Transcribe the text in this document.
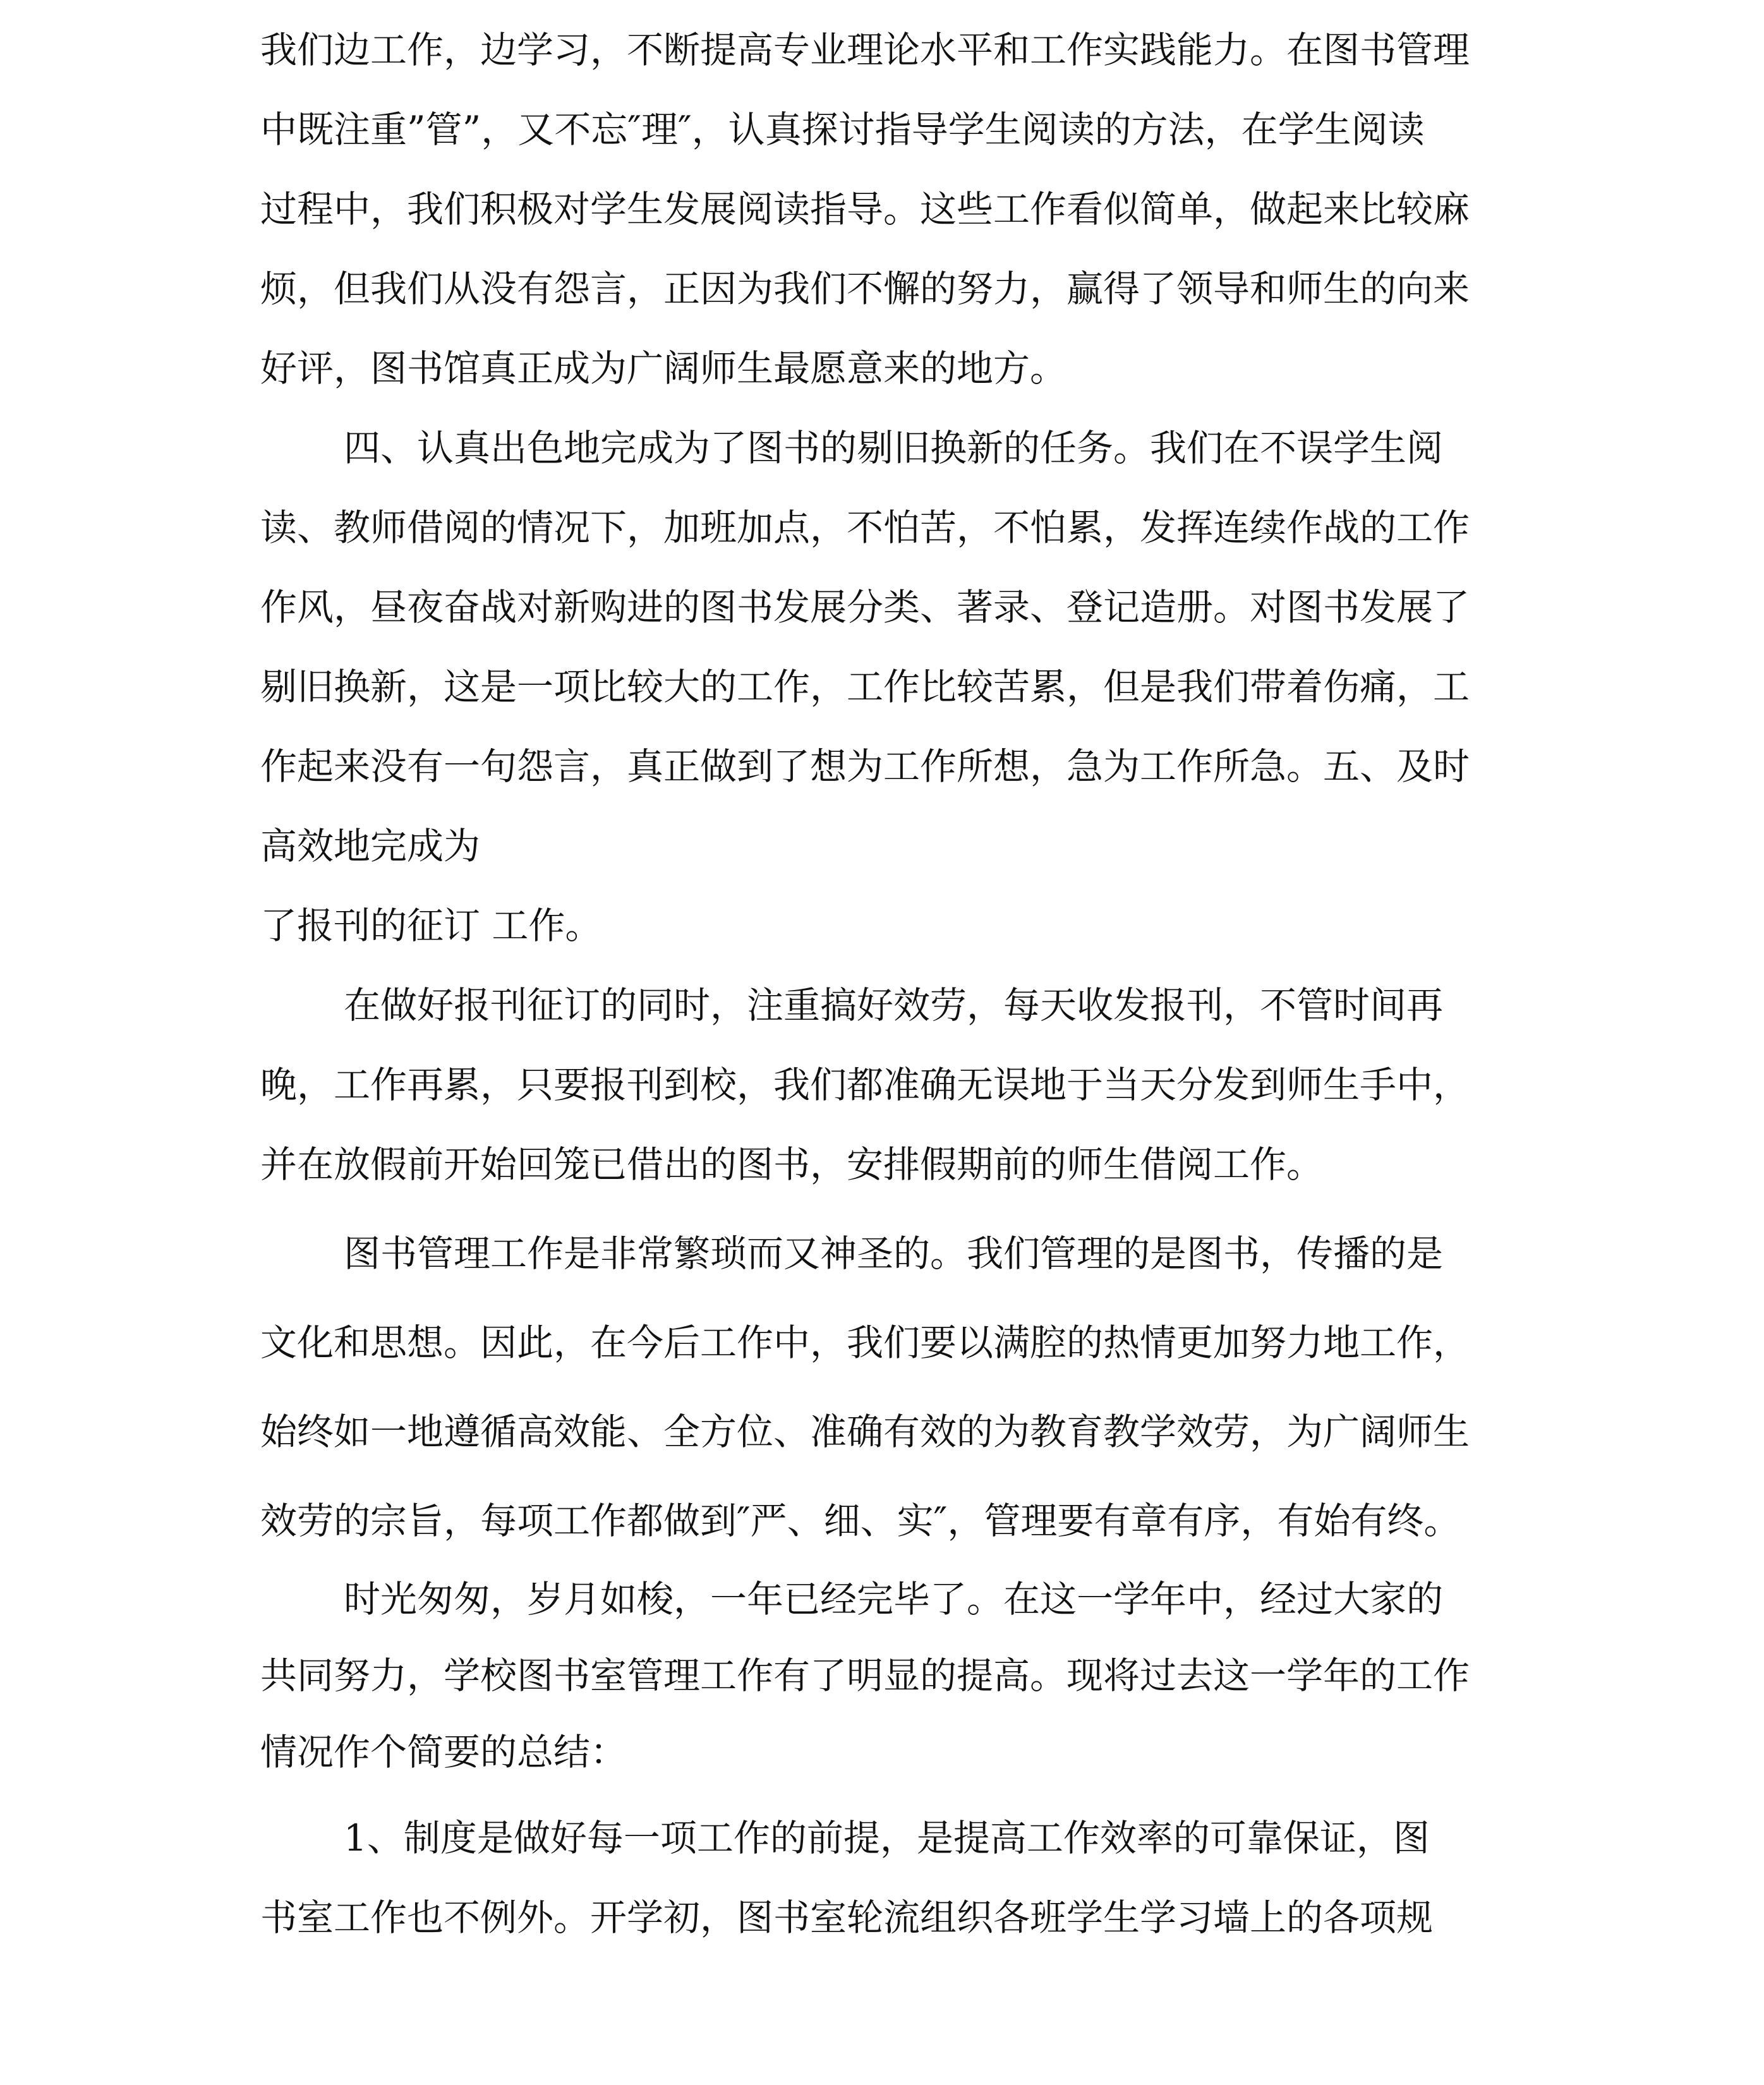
我们边工作，边学习，不断提高专业理论水平和工作实践能力。在图书管理

中既注重”管”，又不忘″理″，认真探讨指导学生阅读的方法，在学生阅读

过程中，我们积极对学生发展阅读指导。这些工作看似简单，做起来比较麻

烦，但我们从没有怨言，正因为我们不懈的努力，赢得了领导和师生的向来

好评，图书馆真正成为广阔师生最愿意来的地方。

四、认真出色地完成为了图书的剔旧换新的任务。我们在不误学生阅

读、教师借阅的情况下，加班加点，不怕苦，不怕累，发挥连续作战的工作

作风，昼夜奋战对新购进的图书发展分类、著录、登记造册。对图书发展了

剔旧换新，这是一项比较大的工作，工作比较苦累，但是我们带着伤痛，工

作起来没有一句怨言，真正做到了想为工作所想，急为工作所急。五、及时

高效地完成为

了报刊的征订 工作。

在做好报刊征订的同时，注重搞好效劳，每天收发报刊，不管时间再

晚，工作再累，只要报刊到校，我们都准确无误地于当天分发到师生手中，

并在放假前开始回笼已借出的图书，安排假期前的师生借阅工作。

图书管理工作是非常繁琐而又神圣的。我们管理的是图书，传播的是

文化和思想。因此，在今后工作中，我们要以满腔的热情更加努力地工作，

始终如一地遵循高效能、全方位、准确有效的为教育教学效劳，为广阔师生

效劳的宗旨，每项工作都做到″严、细、实″，管理要有章有序，有始有终。

时光匆匆，岁月如梭，一年已经完毕了。在这一学年中，经过大家的

共同努力，学校图书室管理工作有了明显的提高。现将过去这一学年的工作

情况作个简要的总结：

1、制度是做好每一项工作的前提，是提高工作效率的可靠保证，图

书室工作也不例外。开学初，图书室轮流组织各班学生学习墙上的各项规
